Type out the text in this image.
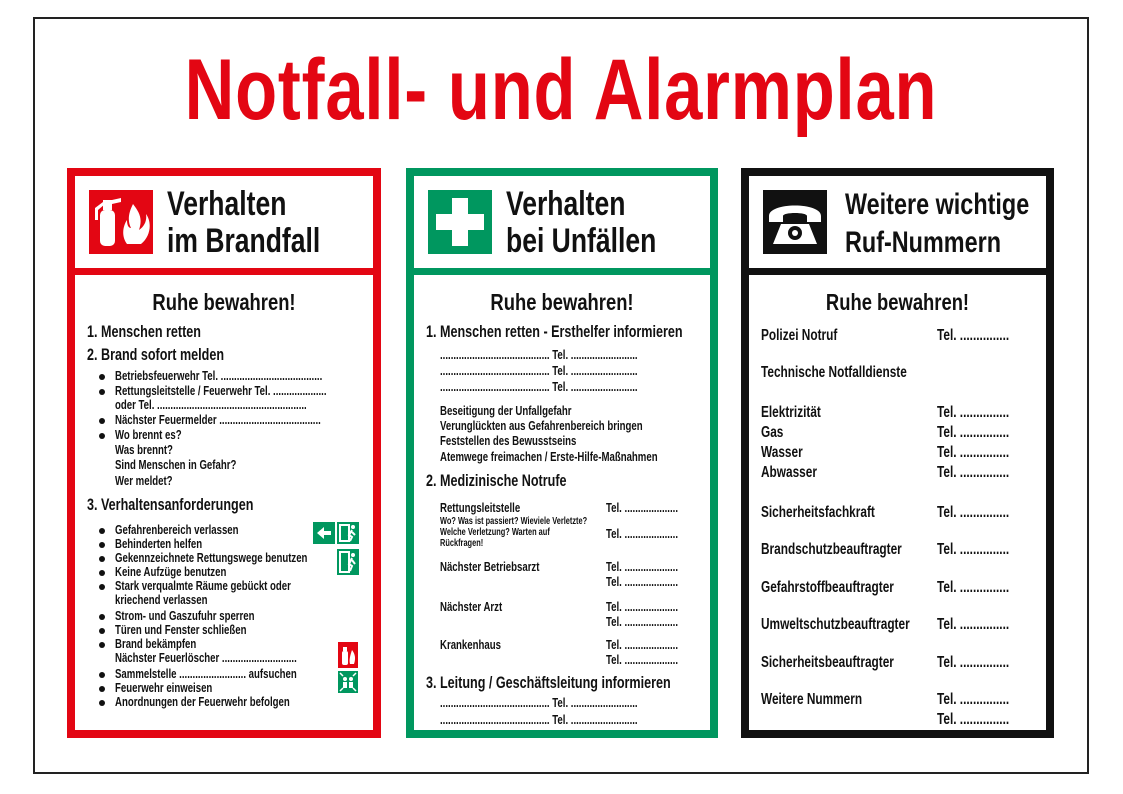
Notfall- und Alarmplan
Verhalten
im Brandfall
Ruhe bewahren!
1. Menschen retten
2. Brand sofort melden
Betriebsfeuerwehr Tel. ......................................
Rettungsleitstelle / Feuerwehr Tel. ....................
oder Tel. ........................................................
Nächster Feuermelder ......................................
Wo brennt es?
Was brennt?
Sind Menschen in Gefahr?
Wer meldet?
3. Verhaltensanforderungen
Gefahrenbereich verlassen
Behinderten helfen
Gekennzeichnete Rettungswege benutzen
Keine Aufzüge benutzen
Stark verqualmte Räume gebückt oder
kriechend verlassen
Strom- und Gaszufuhr sperren
Türen und Fenster schließen
Brand bekämpfen
Nächster Feuerlöscher ............................
Sammelstelle ......................... aufsuchen
Feuerwehr einweisen
Anordnungen der Feuerwehr befolgen
Verhalten
bei Unfällen
Ruhe bewahren!
1. Menschen retten - Ersthelfer informieren
......................................... Tel. .........................
......................................... Tel. .........................
......................................... Tel. .........................
Beseitigung der Unfallgefahr
Verunglückten aus Gefahrenbereich bringen
Feststellen des Bewusstseins
Atemwege freimachen / Erste-Hilfe-Maßnahmen
2. Medizinische Notrufe
Rettungsleitstelle	Tel. ....................
Wo? Was ist passiert? Wieviele Verletzte?
Tel. ....................
Welche Verletzung? Warten auf
Rückfragen!
Nächster Betriebsarzt	Tel. ....................
Tel. ....................
Nächster Arzt	Tel. ....................
Tel. ....................
Krankenhaus	Tel. ....................
Tel. ....................
3. Leitung / Geschäftsleitung informieren
......................................... Tel. .........................
......................................... Tel. .........................
Weitere wichtige
Ruf-Nummern
Ruhe bewahren!
Polizei Notruf	Tel. ...............
Technische Notfalldienste
Elektrizität	Tel. ...............
Gas	Tel. ...............
Wasser	Tel. ...............
Abwasser	Tel. ...............
Sicherheitsfachkraft	Tel. ...............
Brandschutzbeauftragter Tel. ...............
Gefahrstoffbeauftragter	Tel. ...............
Umweltschutzbeauftragter Tel. ...............
Sicherheitsbeauftragter	Tel. ...............
Weitere Nummern	Tel. ...............
Tel. ...............
